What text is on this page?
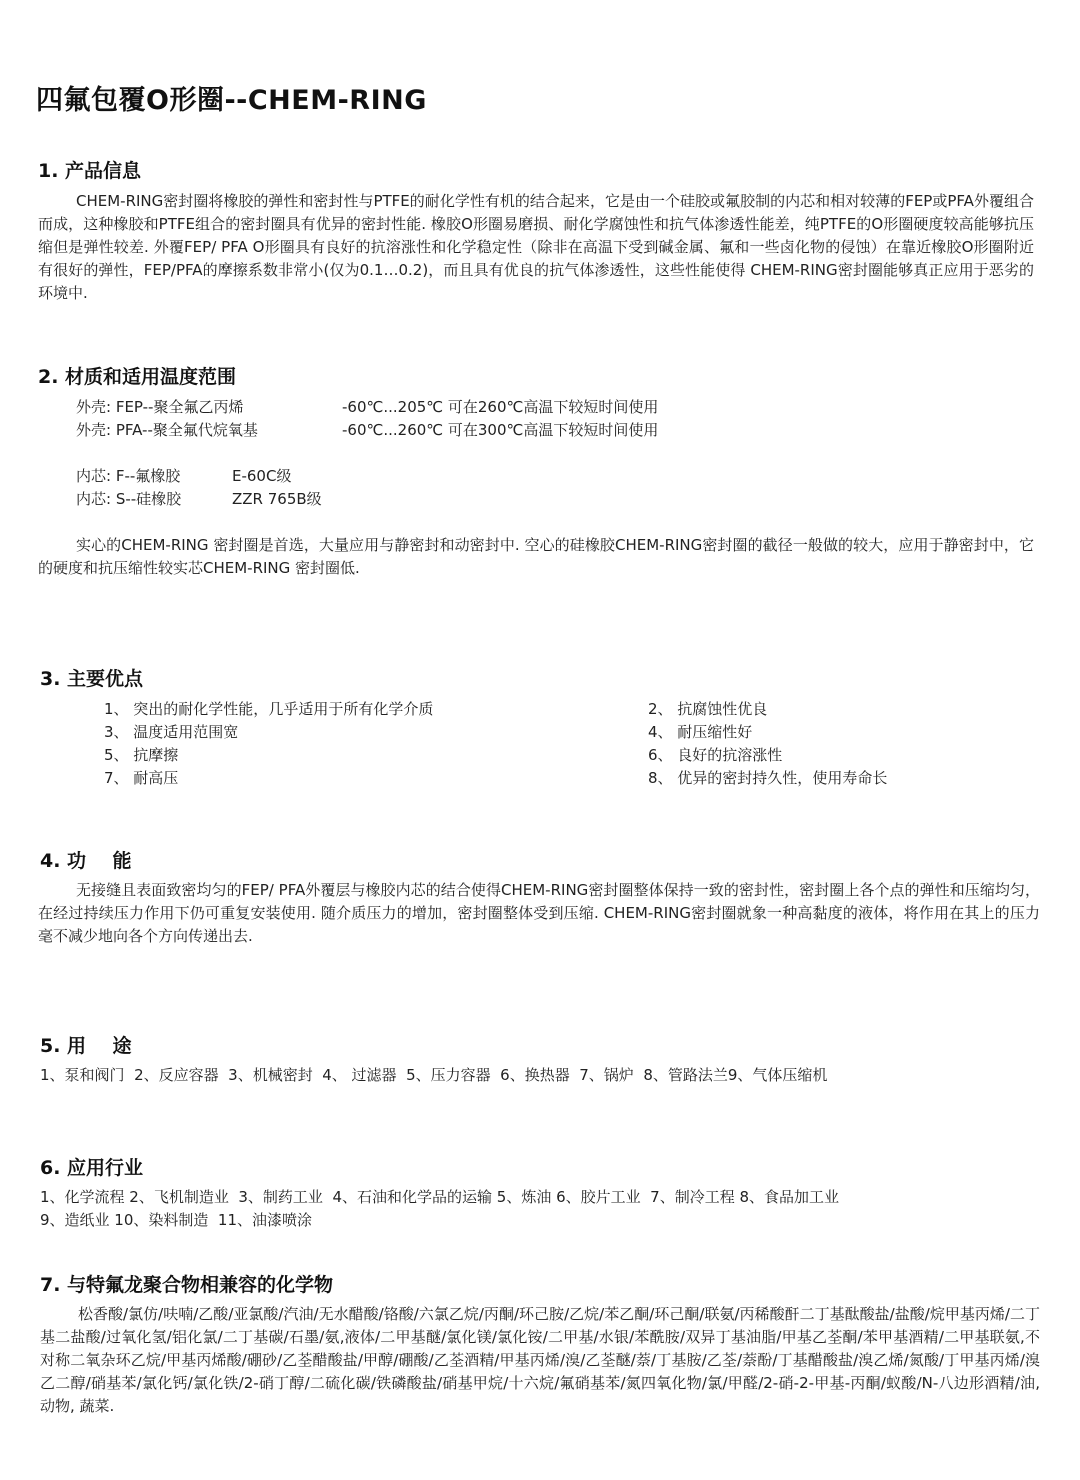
四氟包覆O形圈--CHEM-RING
1. 产品信息
CHEM-RING密封圈将橡胶的弹性和密封性与PTFE的耐化学性有机的结合起来，它是由一个硅胶或氟胶制的内芯和相对较薄的FEP或PFA外覆组合而成，这种橡胶和PTFE组合的密封圈具有优异的密封性能. 橡胶O形圈易磨损、耐化学腐蚀性和抗气体渗透性能差，纯PTFE的O形圈硬度较高能够抗压缩但是弹性较差. 外覆FEP/ PFA O形圈具有良好的抗溶涨性和化学稳定性（除非在高温下受到碱金属、氟和一些卤化物的侵蚀）在靠近橡胶O形圈附近有很好的弹性，FEP/PFA的摩擦系数非常小(仅为0.1…0.2)，而且具有优良的抗气体渗透性，这些性能使得 CHEM-RING密封圈能够真正应用于恶劣的环境中.
2. 材质和适用温度范围
外壳: FEP--聚全氟乙丙烯	-60℃...205℃ 可在260℃高温下较短时间使用
外壳: PFA--聚全氟代烷氧基	-60℃...260℃ 可在300℃高温下较短时间使用
内芯: F--氟橡胶	E-60C级
内芯: S--硅橡胶	ZZR 765B级
实心的CHEM-RING 密封圈是首选，大量应用与静密封和动密封中. 空心的硅橡胶CHEM-RING密封圈的截径一般做的较大，应用于静密封中，它的硬度和抗压缩性较实芯CHEM-RING 密封圈低.
3. 主要优点
1、 突出的耐化学性能，几乎适用于所有化学介质	2、 抗腐蚀性优良
3、 温度适用范围宽	4、 耐压缩性好
5、 抗摩擦	6、 良好的抗溶涨性
7、 耐高压	8、 优异的密封持久性，使用寿命长
4. 功    能
无接缝且表面致密均匀的FEP/ PFA外覆层与橡胶内芯的结合使得CHEM-RING密封圈整体保持一致的密封性，密封圈上各个点的弹性和压缩均匀，在经过持续压力作用下仍可重复安装使用. 随介质压力的增加，密封圈整体受到压缩. CHEM-RING密封圈就象一种高黏度的液体，将作用在其上的压力毫不减少地向各个方向传递出去.
5. 用    途
1、泵和阀门  2、反应容器  3、机械密封  4、 过滤器  5、压力容器  6、换热器  7、锅炉  8、管路法兰9、气体压缩机
6. 应用行业
1、化学流程 2、飞机制造业  3、制药工业  4、石油和化学品的运输 5、炼油 6、胶片工业  7、制冷工程 8、食品加工业
9、造纸业 10、染料制造  11、油漆喷涂
7. 与特氟龙聚合物相兼容的化学物
松香酸/氯仿/呋喃/乙酸/亚氯酸/汽油/无水醋酸/铬酸/六氯乙烷/丙酮/环己胺/乙烷/苯乙酮/环己酮/联氨/丙稀酸酐二丁基酞酸盐/盐酸/烷甲基丙烯/二丁基二盐酸/过氧化氢/铝化氯/二丁基碳/石墨/氨,液体/二甲基醚/氯化镁/氯化铵/二甲基/水银/苯酰胺/双异丁基油脂/甲基乙荃酮/苯甲基酒精/二甲基联氨,不对称二氧杂环乙烷/甲基丙烯酸/硼砂/乙荃醋酸盐/甲醇/硼酸/乙荃酒精/甲基丙烯/溴/乙荃醚/萘/丁基胺/乙荃/萘酚/丁基醋酸盐/溴乙烯/氮酸/丁甲基丙烯/溴乙二醇/硝基苯/氯化钙/氯化铁/2-硝丁醇/二硫化碳/铁磷酸盐/硝基甲烷/十六烷/氟硝基苯/氮四氧化物/氯/甲醛/2-硝-2-甲基-丙酮/蚁酸/N-八边形酒精/油, 动物, 蔬菜.
